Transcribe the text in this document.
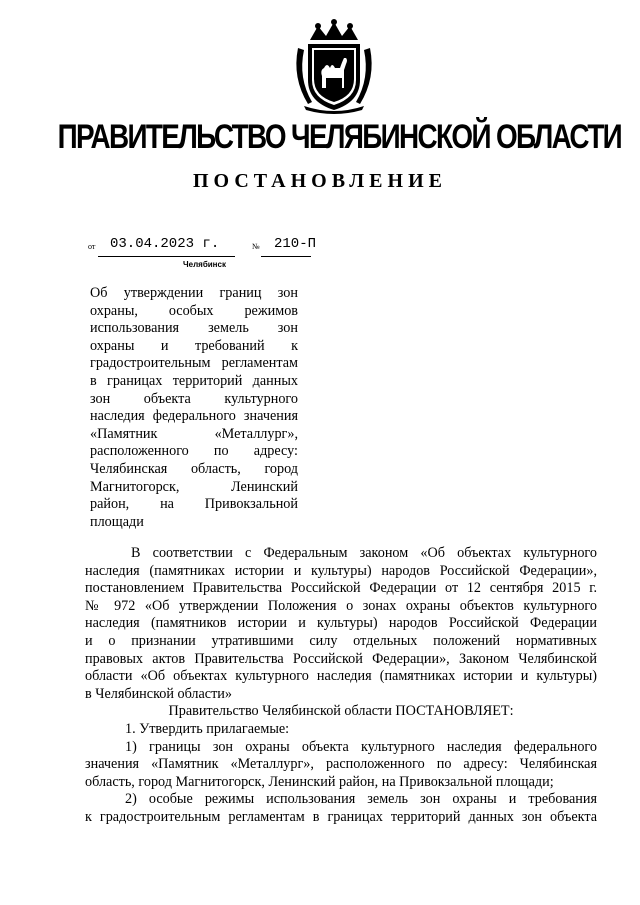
ПРАВИТЕЛЬСТВО ЧЕЛЯБИНСКОЙ ОБЛАСТИ
ПОСТАНОВЛЕНИЕ
от 03.04.2023 г.	№ 210-П
Челябинск
Об утверждении границ зон
охраны, особых режимов
использования земель зон
охраны и требований к
градостроительным регламентам
в границах территорий данных
зон объекта культурного
наследия федерального значения
«Памятник «Металлург»,
расположенного по адресу:
Челябинская область, город
Магнитогорск, Ленинский
район, на Привокзальной
площади

В соответствии с Федеральным законом «Об объектах культурного
наследия (памятниках истории и культуры) народов Российской Федерации»,
постановлением Правительства Российской Федерации от 12 сентября 2015 г.
№ 972 «Об утверждении Положения о зонах охраны объектов культурного
наследия (памятников истории и культуры) народов Российской Федерации
и о признании утратившими силу отдельных положений нормативных
правовых актов Правительства Российской Федерации», Законом Челябинской
области «Об объектах культурного наследия (памятниках истории и культуры)
в Челябинской области»

Правительство Челябинской области ПОСТАНОВЛЯЕТ:

1. Утвердить прилагаемые:

1) границы зон охраны объекта культурного наследия федерального
значения «Памятник «Металлург», расположенного по адресу: Челябинская
область, город Магнитогорск, Ленинский район, на Привокзальной площади;

2) особые режимы использования земель зон охраны и требования
к градостроительным регламентам в границах территорий данных зон объекта
